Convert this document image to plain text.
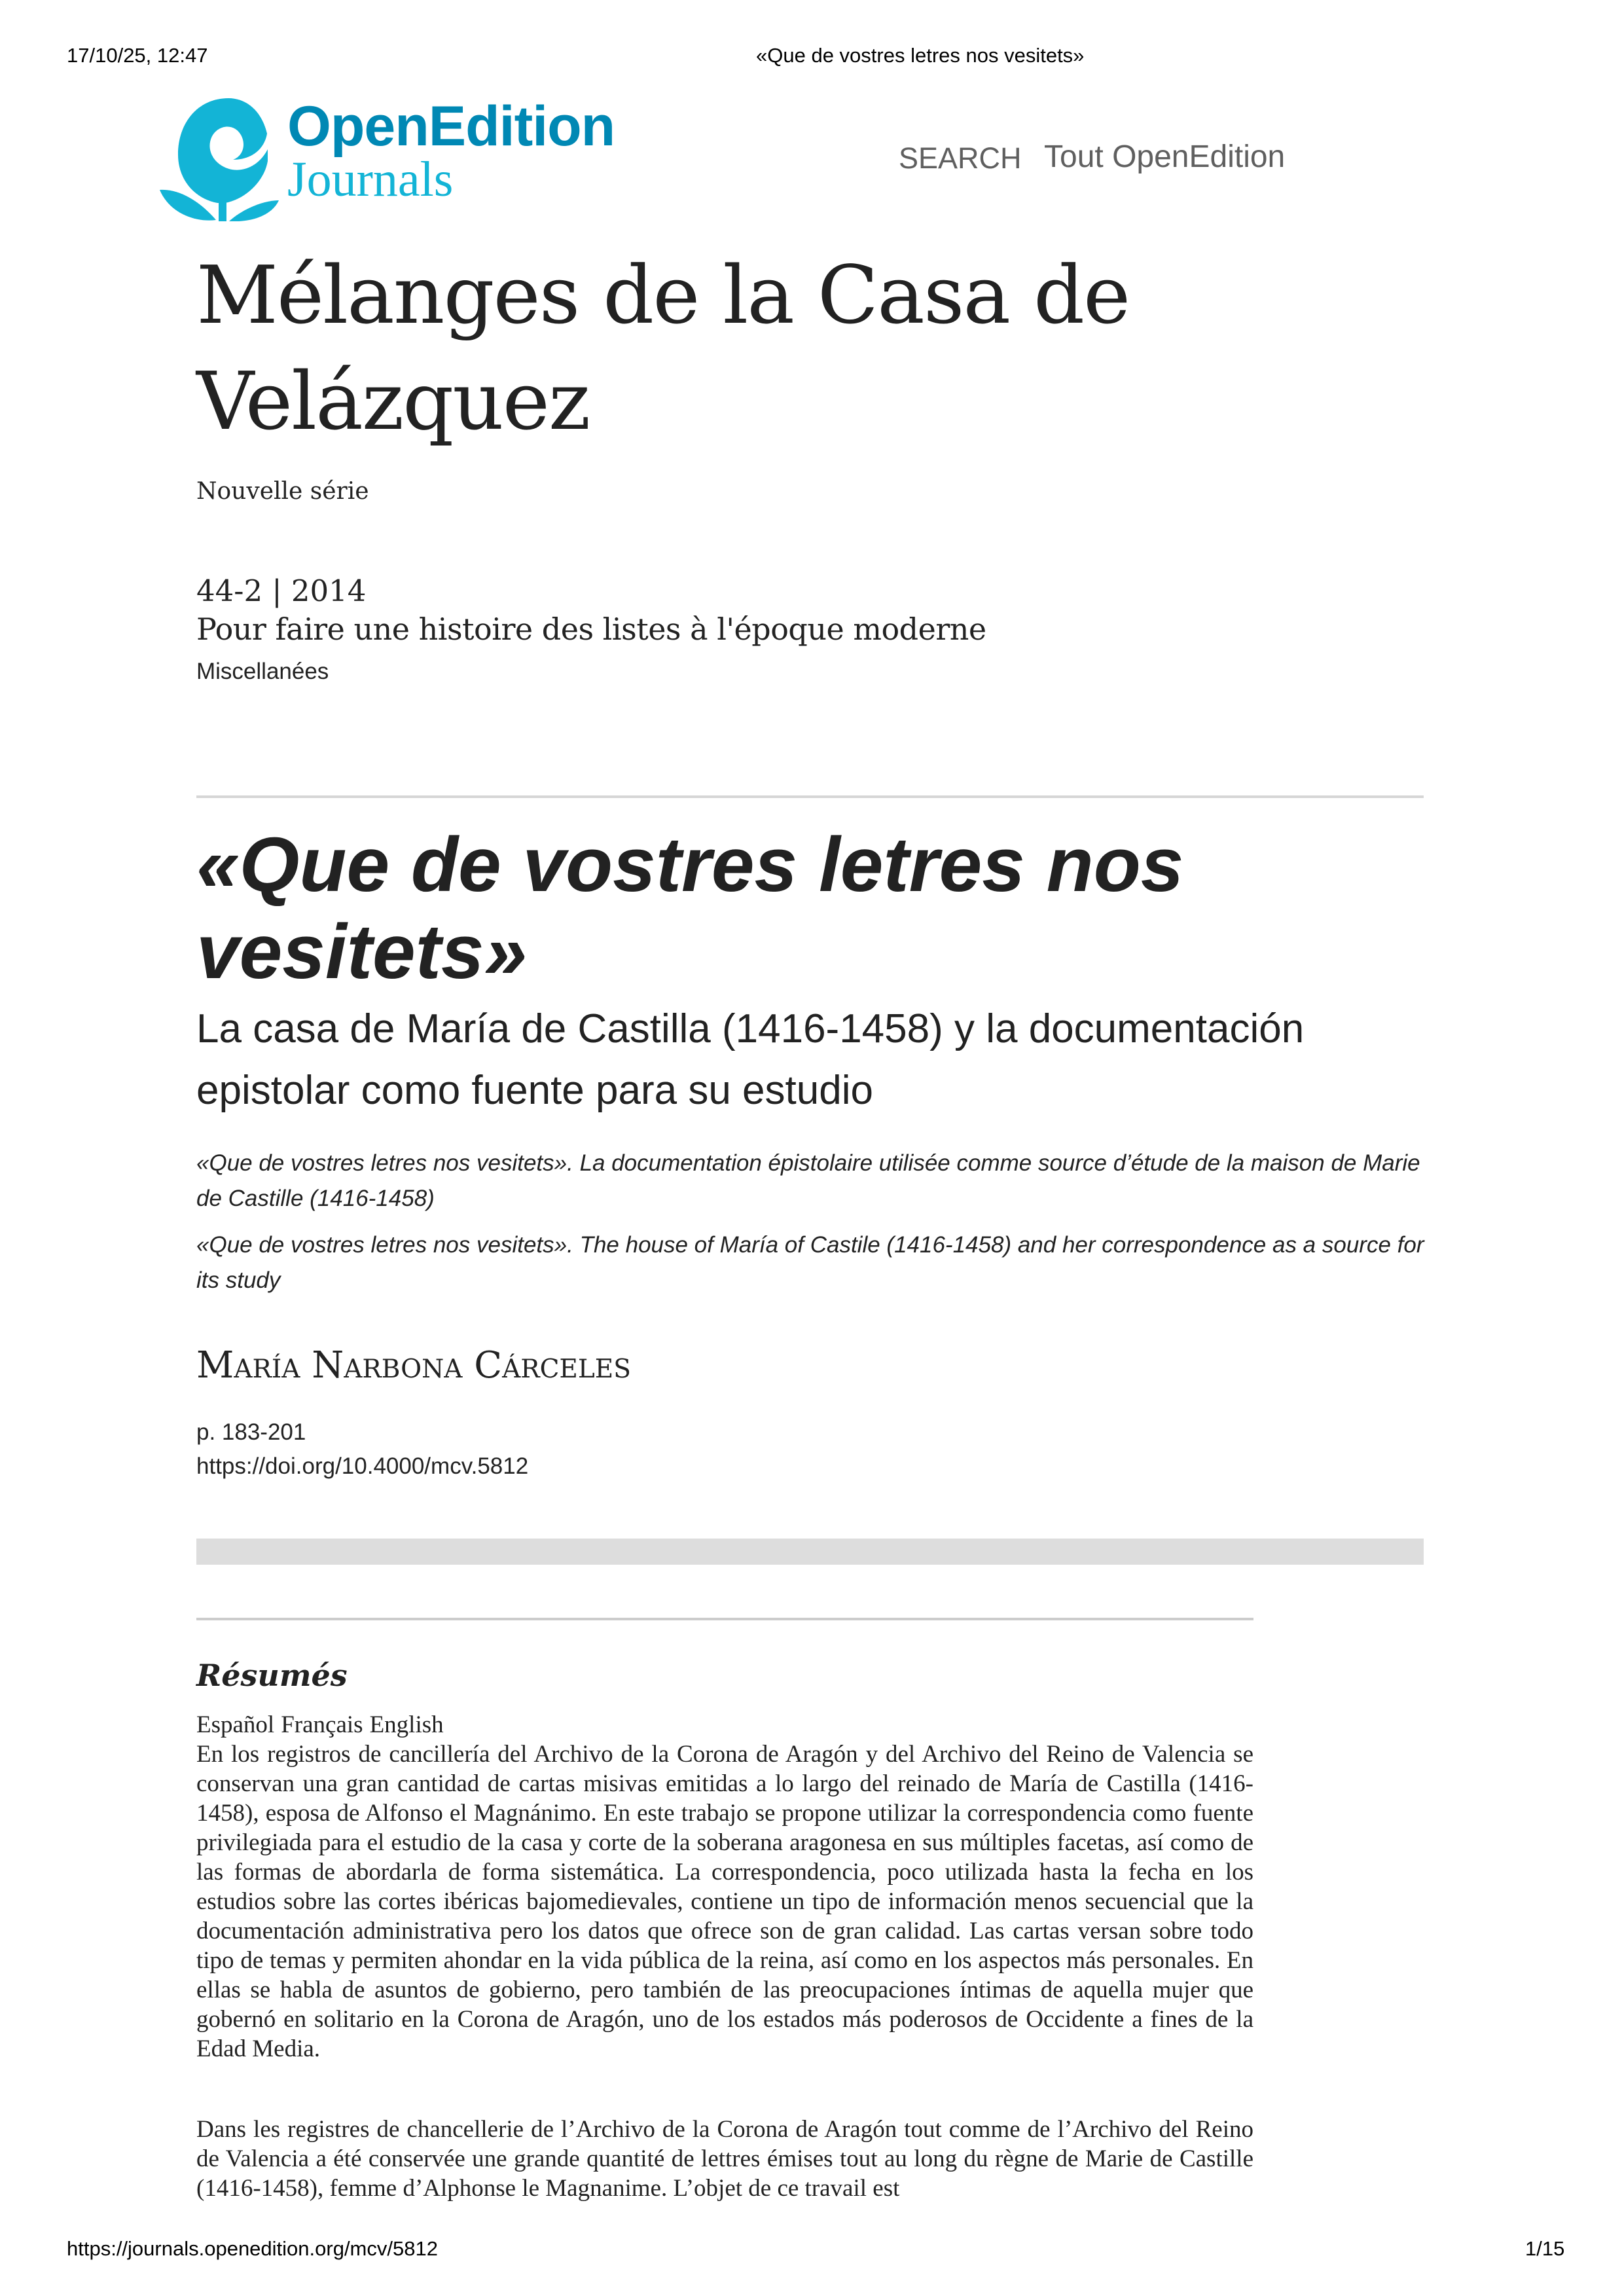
17/10/25, 12:47	«Que de vostres letres nos vesitets»
OpenEdition
Journals	SEARCH Tout OpenEdition
Mélanges de la Casa de
Velázquez
Nouvelle série
44-2 | 2014
Pour faire une histoire des listes à l'époque moderne
Miscellanées
«Que de vostres letres nos
vesitets»
La casa de María de Castilla (1416-1458) y la documentación
epistolar como fuente para su estudio
«Que de vostres letres nos vesitets». La documentation épistolaire utilisée comme source d’étude de la maison de Marie de Castille (1416-1458)
«Que de vostres letres nos vesitets». The house of María of Castile (1416-1458) and her correspondence as a source for its study
María Narbona Cárceles
p. 183-201
https://doi.org/10.4000/mcv.5812
Résumés
Español Français English

En los registros de cancillería del Archivo de la Corona de Aragón y del Archivo del Reino de Valencia se conservan una gran cantidad de cartas misivas emitidas a lo largo del reinado de María de Castilla (1416-1458), esposa de Alfonso el Magnánimo. En este trabajo se propone utilizar la correspondencia como fuente privilegiada para el estudio de la casa y corte de la soberana aragonesa en sus múltiples facetas, así como de las formas de abordarla de forma sistemática. La correspondencia, poco utilizada hasta la fecha en los estudios sobre las cortes ibéricas bajomedievales, contiene un tipo de información menos secuencial que la documentación administrativa pero los datos que ofrece son de gran calidad. Las cartas versan sobre todo tipo de temas y permiten ahondar en la vida pública de la reina, así como en los aspectos más personales. En ellas se habla de asuntos de gobierno, pero también de las preocupaciones íntimas de aquella mujer que gobernó en solitario en la Corona de Aragón, uno de los estados más poderosos de Occidente a fines de la Edad Media.

Dans les registres de chancellerie de l’Archivo de la Corona de Aragón tout comme de l’Archivo del Reino de Valencia a été conservée une grande quantité de lettres émises tout au long du règne de Marie de Castille (1416-1458), femme d’Alphonse le Magnanime. L’objet de ce travail est

https://journals.openedition.org/mcv/5812	1/15
